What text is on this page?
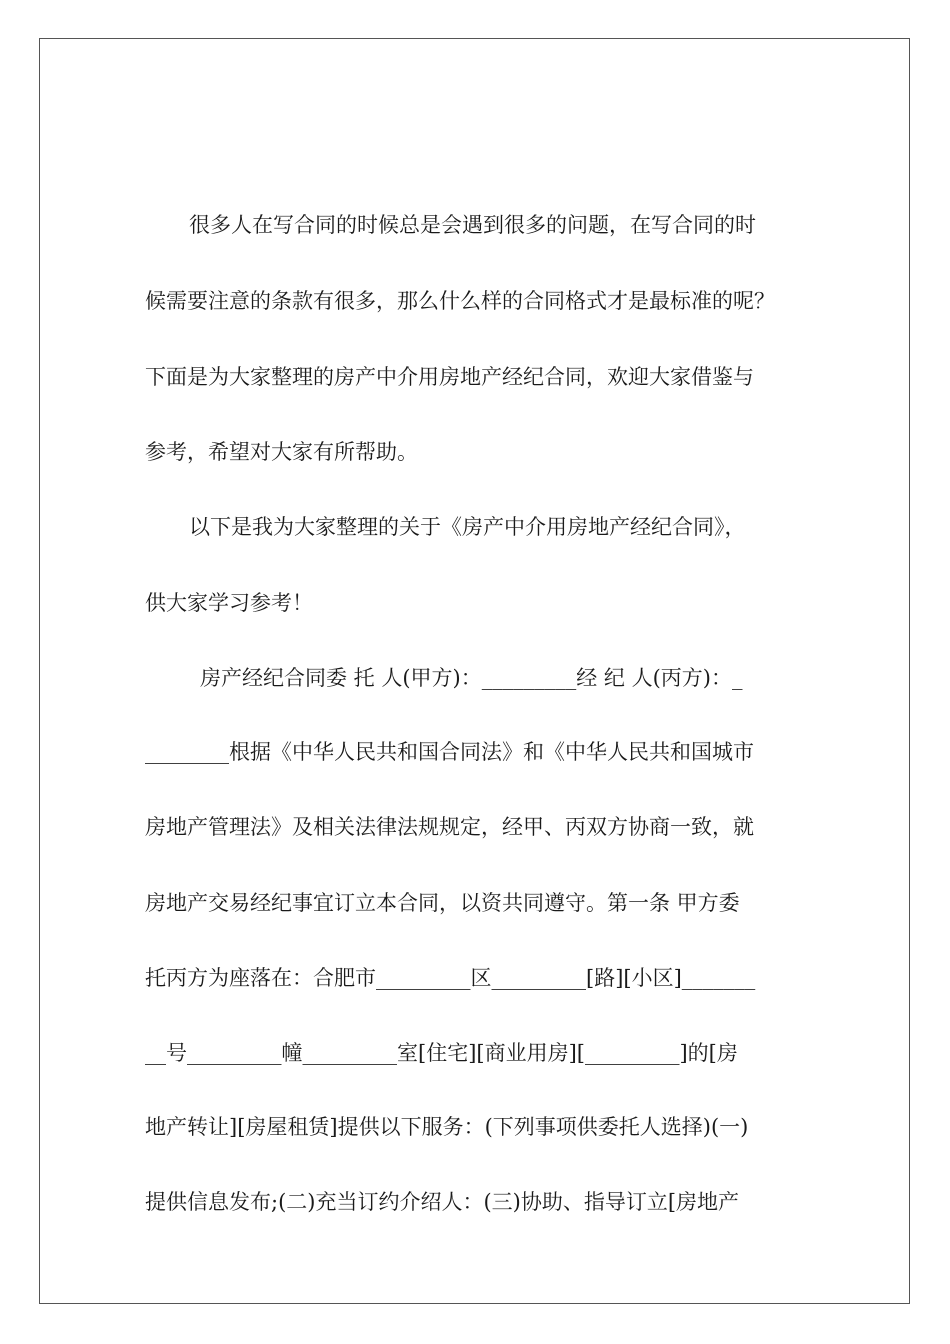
很多人在写合同的时候总是会遇到很多的问题，在写合同的时
候需要注意的条款有很多，那么什么样的合同格式才是最标准的呢？
下面是为大家整理的房产中介用房地产经纪合同，欢迎大家借鉴与
参考，希望对大家有所帮助。
以下是我为大家整理的关于《房产中介用房地产经纪合同》，
供大家学习参考！
房产经纪合同委 托 人(甲方)：_________经 纪 人(丙方)：_
________根据《中华人民共和国合同法》和《中华人民共和国城市
房地产管理法》及相关法律法规规定，经甲、丙双方协商一致，就
房地产交易经纪事宜订立本合同，以资共同遵守。第一条 甲方委
托丙方为座落在：合肥市_________区_________[路][小区]_______
__号_________幢_________室[住宅][商业用房][_________]的[房
地产转让][房屋租赁]提供以下服务：(下列事项供委托人选择)(一)
提供信息发布;(二)充当订约介绍人：(三)协助、指导订立[房地产
